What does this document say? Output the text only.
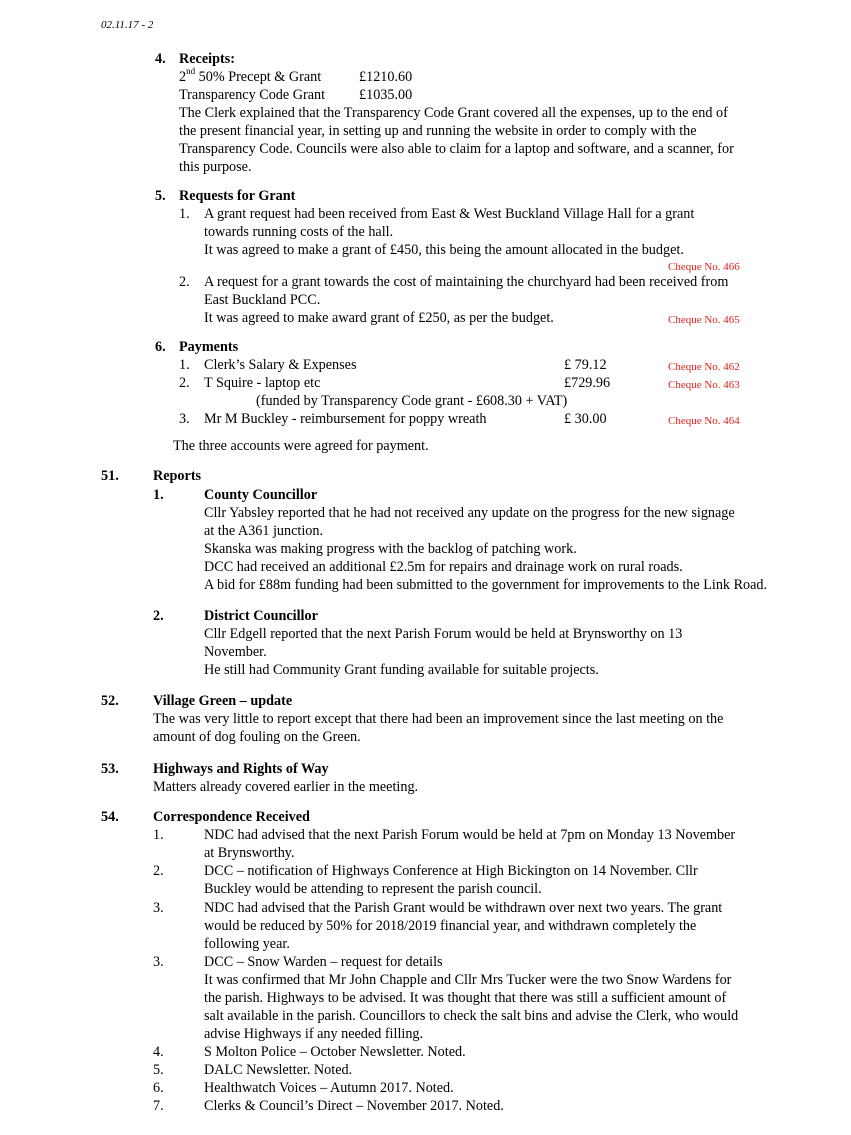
02.11.17 - 2
4. Receipts:
2nd 50% Precept & Grant	£1210.60
Transparency Code Grant £1035.00
The Clerk explained that the Transparency Code Grant covered all the expenses, up to the end of
the present financial year, in setting up and running the website in order to comply with the
Transparency Code. Councils were also able to claim for a laptop and software, and a scanner, for
this purpose.
5. Requests for Grant
1. A grant request had been received from East & West Buckland Village Hall for a grant
towards running costs of the hall.
It was agreed to make a grant of £450, this being the amount allocated in the budget.
Cheque No. 466
2. A request for a grant towards the cost of maintaining the churchyard had been received from
East Buckland PCC.
It was agreed to make award grant of £250, as per the budget.	Cheque No. 465
6. Payments
1. Clerk’s Salary & Expenses	£ 79.12	Cheque No. 462
2. T Squire - laptop etc	£729.96	Cheque No. 463
(funded by Transparency Code grant - £608.30 + VAT)
3. Mr M Buckley - reimbursement for poppy wreath	£ 30.00	Cheque No. 464
The three accounts were agreed for payment.
51. Reports
1.	County Councillor
Cllr Yabsley reported that he had not received any update on the progress for the new signage
at the A361 junction.
Skanska was making progress with the backlog of patching work.
DCC had received an additional £2.5m for repairs and drainage work on rural roads.
A bid for £88m funding had been submitted to the government for improvements to the Link Road.
2.	District Councillor
Cllr Edgell reported that the next Parish Forum would be held at Brynsworthy on 13
November.
He still had Community Grant funding available for suitable projects.
52. Village Green – update
The was very little to report except that there had been an improvement since the last meeting on the
amount of dog fouling on the Green.
53. Highways and Rights of Way
Matters already covered earlier in the meeting.
54. Correspondence Received
1.	NDC had advised that the next Parish Forum would be held at 7pm on Monday 13 November
at Brynsworthy.
2.	DCC – notification of Highways Conference at High Bickington on 14 November. Cllr
Buckley would be attending to represent the parish council.
3.	NDC had advised that the Parish Grant would be withdrawn over next two years. The grant
would be reduced by 50% for 2018/2019 financial year, and withdrawn completely the
following year.
3.	DCC – Snow Warden – request for details
It was confirmed that Mr John Chapple and Cllr Mrs Tucker were the two Snow Wardens for
the parish. Highways to be advised. It was thought that there was still a sufficient amount of
salt available in the parish. Councillors to check the salt bins and advise the Clerk, who would
advise Highways if any needed filling.
4.	S Molton Police – October Newsletter. Noted.
5.	DALC Newsletter. Noted.
6.	Healthwatch Voices – Autumn 2017. Noted.
7.	Clerks & Council’s Direct – November 2017. Noted.
